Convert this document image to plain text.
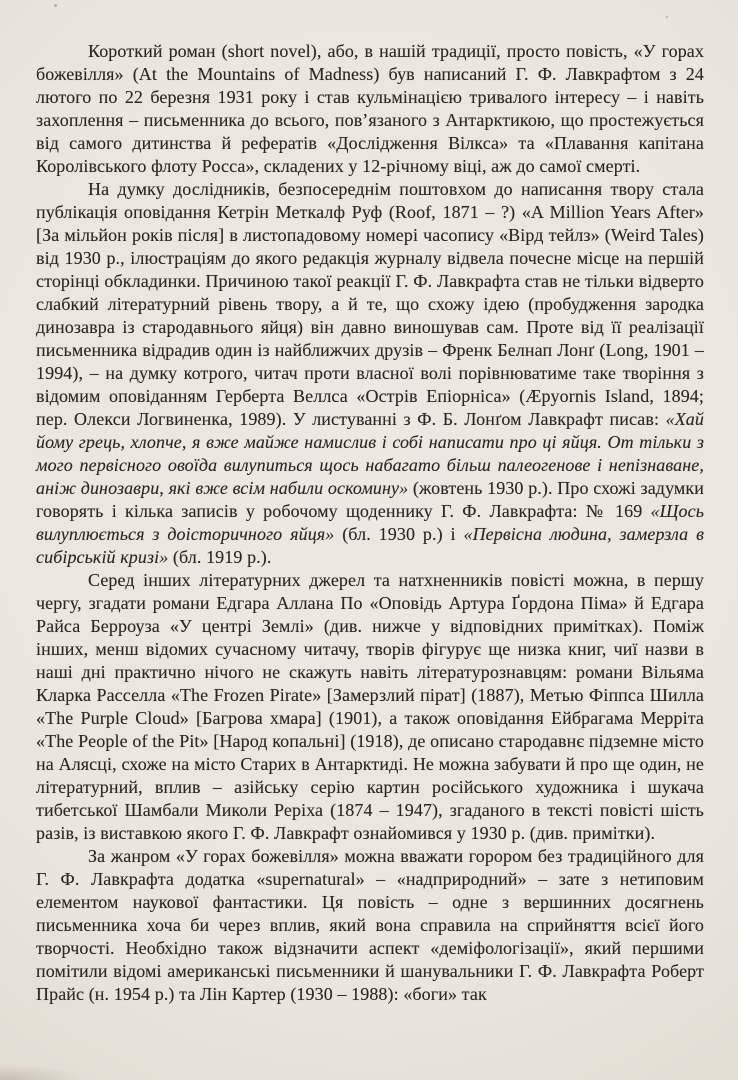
Короткий роман (short novel), або, в нашій традиції, просто повість, «У горах божевілля» (At the Mountains of Madness) був написаний Г. Ф. Лавкрафтом з 24 лютого по 22 березня 1931 року і став кульмінацією тривалого інтересу – і навіть захоплення – письменника до всього, пов’язаного з Антарктикою, що простежується від самого дитинства й рефератів «Дослідження Вілкса» та «Плавання капітана Королівського флоту Росса», складених у 12-річному віці, аж до самої смерті.

На думку дослідників, безпосереднім поштовхом до написання твору стала публікація оповідання Кетрін Меткалф Руф (Roof, 1871 – ?) «A Million Years After» [За мільйон років після] в листопадовому номері часопису «Вірд тейлз» (Weird Tales) від 1930 р., ілюстраціям до якого редакція журналу відвела почесне місце на першій сторінці обкладинки. Причиною такої реакції Г. Ф. Лавкрафта став не тільки відверто слабкий літературний рівень твору, а й те, що схожу ідею (пробудження зародка динозавра із стародавнього яйця) він давно виношував сам. Проте від її реалізації письменника відрадив один із найближчих друзів – Френк Белнап Лонґ (Long, 1901 – 1994), – на думку котрого, читач проти власної волі порівнюватиме таке творіння з відомим оповіданням Герберта Веллса «Острів Епіорніса» (Æpyornis Island, 1894; пер. Олекси Логвиненка, 1989). У листуванні з Ф. Б. Лонґом Лавкрафт писав: «Хай йому грець, хлопче, я вже майже намислив і собі написати про ці яйця. От тільки з мого первісного овоїда вилупиться щось набагато більш палеогенове і непізнаване, аніж динозаври, які вже всім набили оскомину» (жовтень 1930 р.). Про схожі задумки говорять і кілька записів у робочому щоденнику Г. Ф. Лавкрафта: № 169 «Щось вилуплюється з доісторичного яйця» (бл. 1930 р.) і «Первісна людина, замерзла в сибірській кризі» (бл. 1919 р.).

Серед інших літературних джерел та натхненників повісті можна, в першу чергу, згадати романи Едгара Аллана По «Оповідь Артура Ґордона Піма» й Едгара Райса Берроуза «У центрі Землі» (див. нижче у відповідних примітках). Поміж інших, менш відомих сучасному читачу, творів фігурує ще низка книг, чиї назви в наші дні практично нічого не скажуть навіть літературознавцям: романи Вільяма Кларка Расселла «The Frozen Pirate» [Замерзлий пірат] (1887), Метью Фіппса Шилла «The Purple Cloud» [Багрова хмара] (1901), а також оповідання Ейбрагама Мерріта «The People of the Pit» [Народ копальні] (1918), де описано стародавнє підземне місто на Алясці, схоже на місто Старих в Антарктиді. Не можна забувати й про ще один, не літературний, вплив – азійську серію картин російського художника і шукача тибетської Шамбали Миколи Реріха (1874 – 1947), згаданого в тексті повісті шість разів, із виставкою якого Г. Ф. Лавкрафт ознайомився у 1930 р. (див. примітки).

За жанром «У горах божевілля» можна вважати горором без традиційного для Г. Ф. Лавкрафта додатка «supernatural» – «надприродний» – зате з нетиповим елементом наукової фантастики. Ця повість – одне з вершинних досягнень письменника хоча би через вплив, який вона справила на сприйняття всієї його творчості. Необхідно також відзначити аспект «деміфологізації», який першими помітили відомі американські письменники й шанувальники Г. Ф. Лавкрафта Роберт Прайс (н. 1954 р.) та Лін Картер (1930 – 1988): «боги» так
